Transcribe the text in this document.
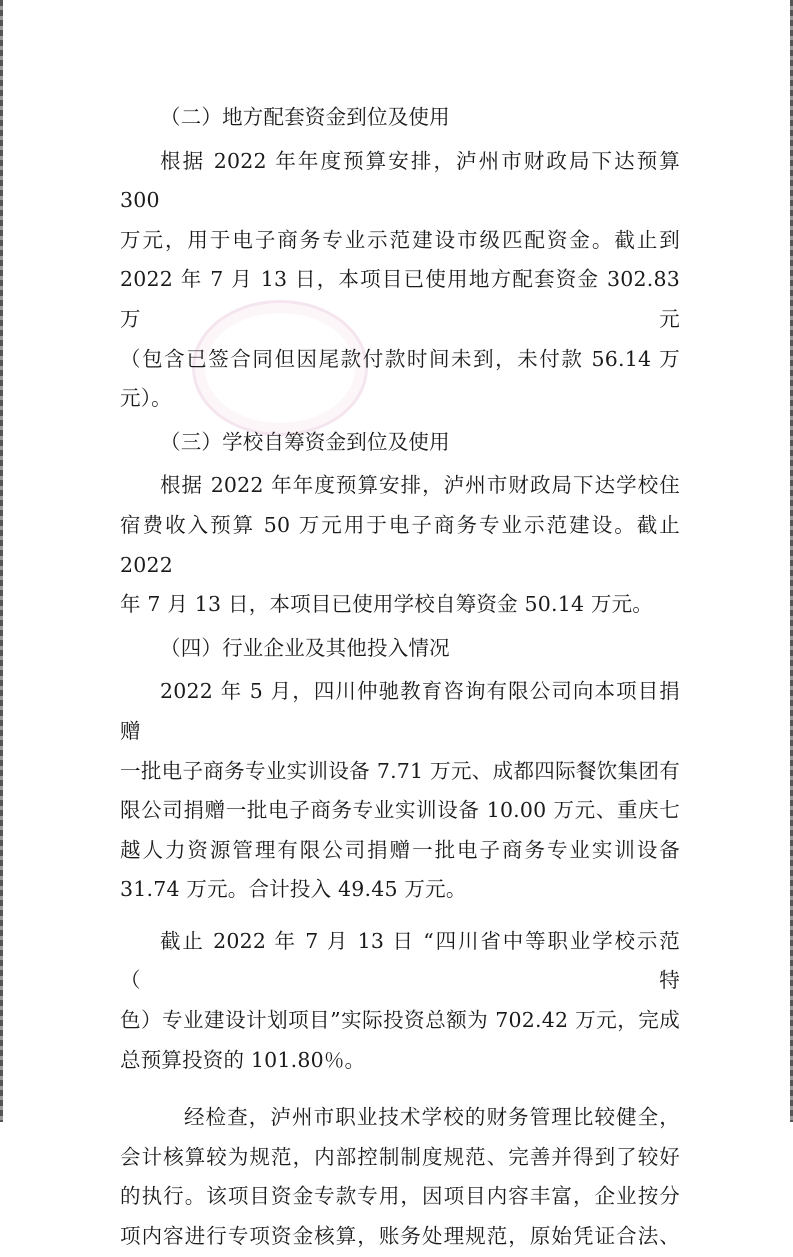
（二）地方配套资金到位及使用

根据 2022 年年度预算安排，泸州市财政局下达预算 300

万元，用于电子商务专业示范建设市级匹配资金。截止到

2022 年 7 月 13 日，本项目已使用地方配套资金 302.83 万元

（包含已签合同但因尾款付款时间未到，未付款 56.14 万元）。

（三）学校自筹资金到位及使用

根据 2022 年年度预算安排，泸州市财政局下达学校住

宿费收入预算 50 万元用于电子商务专业示范建设。截止 2022

年 7 月 13 日，本项目已使用学校自筹资金 50.14 万元。

（四）行业企业及其他投入情况

2022 年 5 月，四川仲驰教育咨询有限公司向本项目捐赠

一批电子商务专业实训设备 7.71 万元、成都四际餐饮集团有

限公司捐赠一批电子商务专业实训设备 10.00 万元、重庆七

越人力资源管理有限公司捐赠一批电子商务专业实训设备

31.74 万元。合计投入 49.45 万元。

截止 2022 年 7 月 13 日 “四川省中等职业学校示范（特

色）专业建设计划项目”实际投资总额为 702.42 万元，完成

总预算投资的 101.80％。

经检查，泸州市职业技术学校的财务管理比较健全，

会计核算较为规范，内部控制制度规范、完善并得到了较好

的执行。该项目资金专款专用，因项目内容丰富，企业按分

项内容进行专项资金核算，账务处理规范，原始凭证合法、
